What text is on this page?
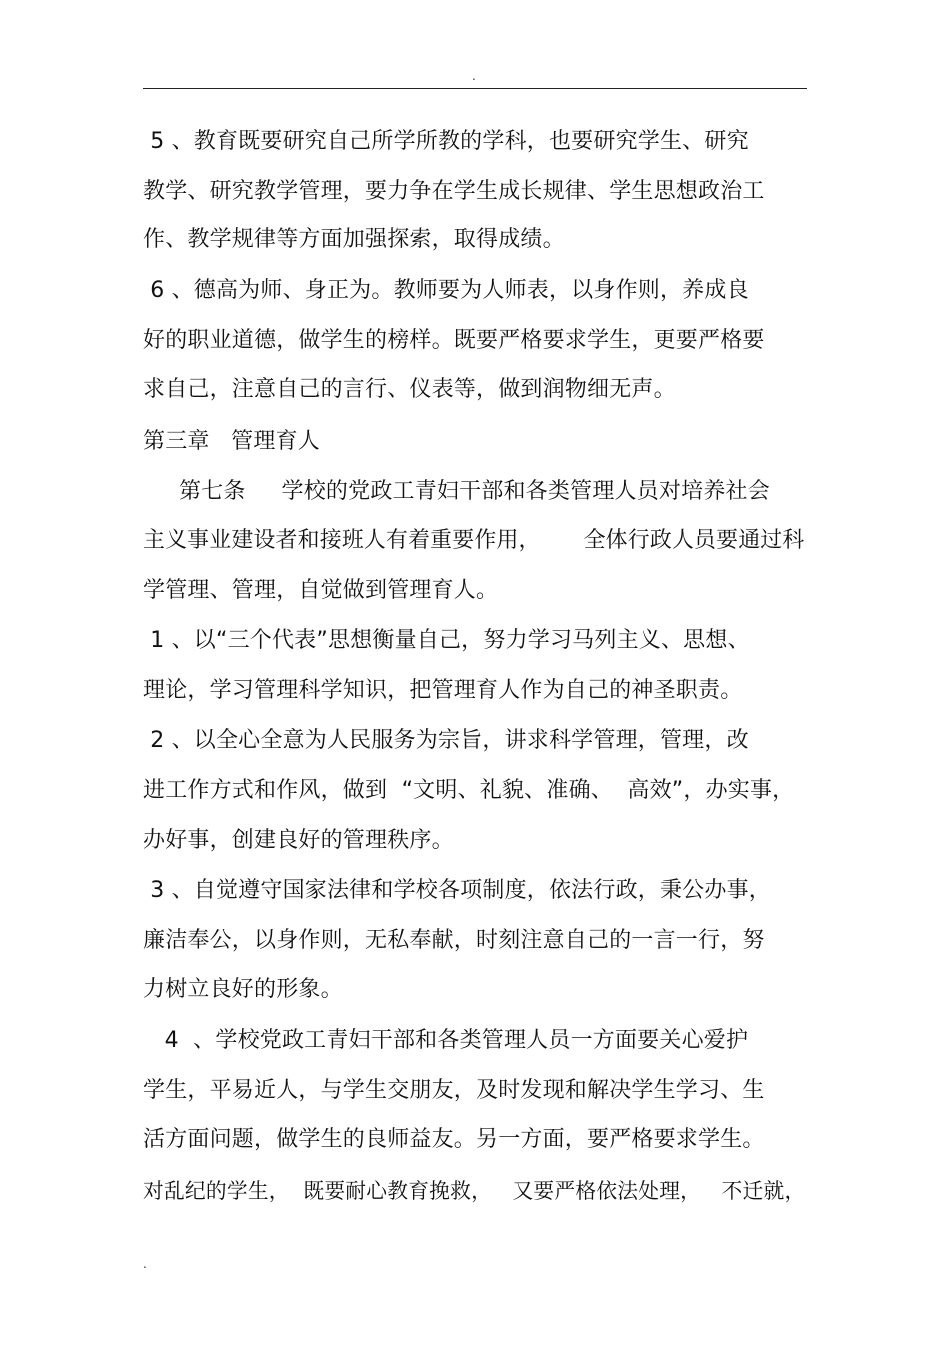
.
5 、教育既要研究自己所学所教的学科，也要研究学生、研究
教学、研究教学管理，要力争在学生成长规律、学生思想政治工
作、教学规律等方面加强探索，取得成绩。
6 、德高为师、身正为。教师要为人师表，以身作则，养成良
好的职业道德，做学生的榜样。既要严格要求学生，更要严格要
求自己，注意自己的言行、仪表等，做到润物细无声。
第三章   管理育人
第七条     学校的党政工青妇干部和各类管理人员对培养社会
主义事业建设者和接班人有着重要作用，      全体行政人员要通过科
学管理、管理，自觉做到管理育人。
1 、以“三个代表”思想衡量自己，努力学习马列主义、思想、
理论，学习管理科学知识，把管理育人作为自己的神圣职责。
2 、以全心全意为人民服务为宗旨，讲求科学管理，管理，改
进工作方式和作风，做到  “文明、礼貌、准确、  高效”，办实事，
办好事，创建良好的管理秩序。
3 、自觉遵守国家法律和学校各项制度，依法行政，秉公办事，
廉洁奉公，以身作则，无私奉献，时刻注意自己的一言一行，努
力树立良好的形象。
4  、学校党政工青妇干部和各类管理人员一方面要关心爱护
学生，平易近人，与学生交朋友，及时发现和解决学生学习、生
活方面问题，做学生的良师益友。另一方面，要严格要求学生。
对乱纪的学生，  既要耐心教育挽救，   又要严格依法处理，   不迁就，
.
